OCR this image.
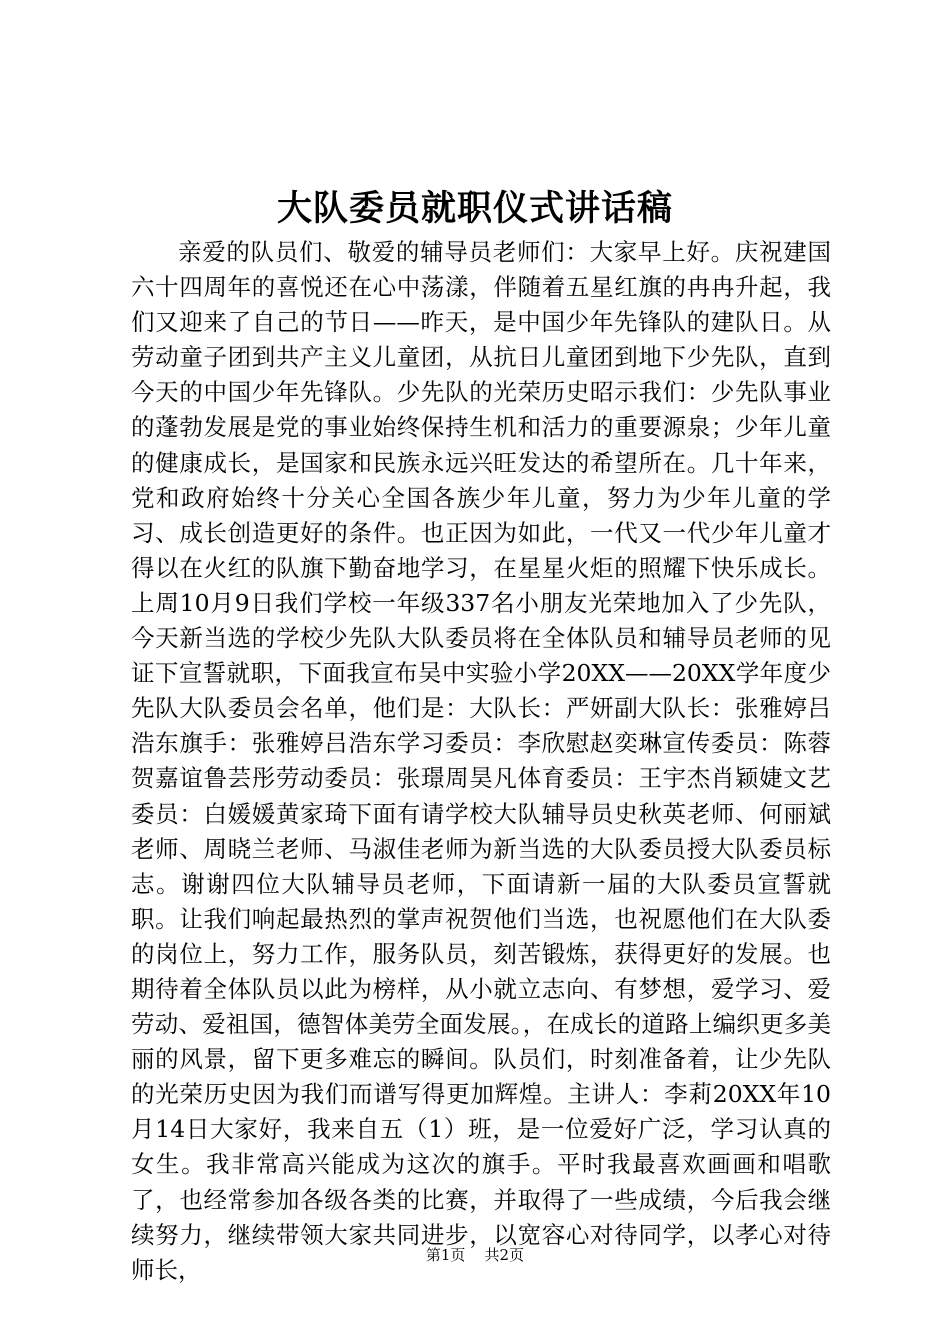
大队委员就职仪式讲话稿

亲爱的队员们、敬爱的辅导员老师们：大家早上好。庆祝建国六十四周年的喜悦还在心中荡漾，伴随着五星红旗的冉冉升起，我们又迎来了自己的节日——昨天，是中国少年先锋队的建队日。从劳动童子团到共产主义儿童团，从抗日儿童团到地下少先队，直到今天的中国少年先锋队。少先队的光荣历史昭示我们：少先队事业的蓬勃发展是党的事业始终保持生机和活力的重要源泉；少年儿童的健康成长，是国家和民族永远兴旺发达的希望所在。几十年来，党和政府始终十分关心全国各族少年儿童，努力为少年儿童的学习、成长创造更好的条件。也正因为如此，一代又一代少年儿童才得以在火红的队旗下勤奋地学习，在星星火炬的照耀下快乐成长。上周10月9日我们学校一年级337名小朋友光荣地加入了少先队，今天新当选的学校少先队大队委员将在全体队员和辅导员老师的见证下宣誓就职，下面我宣布吴中实验小学20XX——20XX学年度少先队大队委员会名单，他们是：大队长：严妍副大队长：张雅婷吕浩东旗手：张雅婷吕浩东学习委员：李欣慰赵奕琳宣传委员：陈蓉贺嘉谊鲁芸彤劳动委员：张璟周昊凡体育委员：王宇杰肖颖婕文艺委员：白媛媛黄家琦下面有请学校大队辅导员史秋英老师、何丽斌老师、周晓兰老师、马淑佳老师为新当选的大队委员授大队委员标志。谢谢四位大队辅导员老师，下面请新一届的大队委员宣誓就职。让我们响起最热烈的掌声祝贺他们当选，也祝愿他们在大队委的岗位上，努力工作，服务队员，刻苦锻炼，获得更好的发展。也期待着全体队员以此为榜样，从小就立志向、有梦想，爱学习、爱劳动、爱祖国，德智体美劳全面发展。，在成长的道路上编织更多美丽的风景，留下更多难忘的瞬间。队员们，时刻准备着，让少先队的光荣历史因为我们而谱写得更加辉煌。主讲人：李莉20XX年10月14日大家好，我来自五（1）班，是一位爱好广泛，学习认真的女生。我非常高兴能成为这次的旗手。平时我最喜欢画画和唱歌了，也经常参加各级各类的比赛，并取得了一些成绩，今后我会继续努力，继续带领大家共同进步，以宽容心对待同学，以孝心对待师长，

第1页 共2页
